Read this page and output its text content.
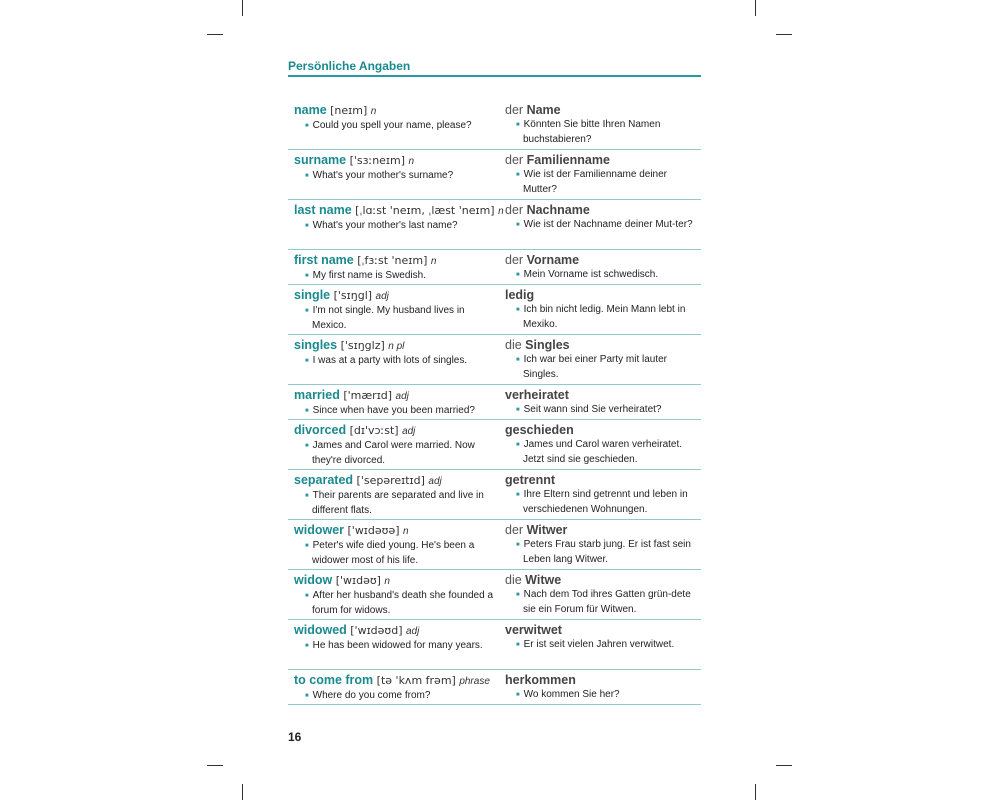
Persönliche Angaben
name [neɪm] n
■ Could you spell your name, please?
der Name
■ Könnten Sie bitte Ihren Namen buchstabieren?
surname ['sɜːneɪm] n
■ What's your mother's surname?
der Familienname
■ Wie ist der Familienname deiner Mutter?
last name [ˌlɑːst 'neɪm, ˌlæst 'neɪm] n
■ What's your mother's last name?
der Nachname
■ Wie ist der Nachname deiner Mut-ter?
first name [ˌfɜːst 'neɪm] n
■ My first name is Swedish.
der Vorname
■ Mein Vorname ist schwedisch.
single ['sɪŋgl] adj
■ I'm not single. My husband lives in Mexico.
ledig
■ Ich bin nicht ledig. Mein Mann lebt in Mexiko.
singles ['sɪŋglz] n pl
■ I was at a party with lots of singles.
die Singles
■ Ich war bei einer Party mit lauter Singles.
married ['mærɪd] adj
■ Since when have you been married?
verheiratet
■ Seit wann sind Sie verheiratet?
divorced [dɪ'vɔːst] adj
■ James and Carol were married. Now they're divorced.
geschieden
■ James und Carol waren verheiratet. Jetzt sind sie geschieden.
separated ['sepəreɪtɪd] adj
■ Their parents are separated and live in different flats.
getrennt
■ Ihre Eltern sind getrennt und leben in verschiedenen Wohnungen.
widower ['wɪdəʊə] n
■ Peter's wife died young. He's been a widower most of his life.
der Witwer
■ Peters Frau starb jung. Er ist fast sein Leben lang Witwer.
widow ['wɪdəʊ] n
■ After her husband's death she founded a forum for widows.
die Witwe
■ Nach dem Tod ihres Gatten grün-dete sie ein Forum für Witwen.
widowed ['wɪdəʊd] adj
■ He has been widowed for many years.
verwitwet
■ Er ist seit vielen Jahren verwitwet.
to come from [tə 'kʌm frəm] phrase
■ Where do you come from?
herkommen
■ Wo kommen Sie her?
16
